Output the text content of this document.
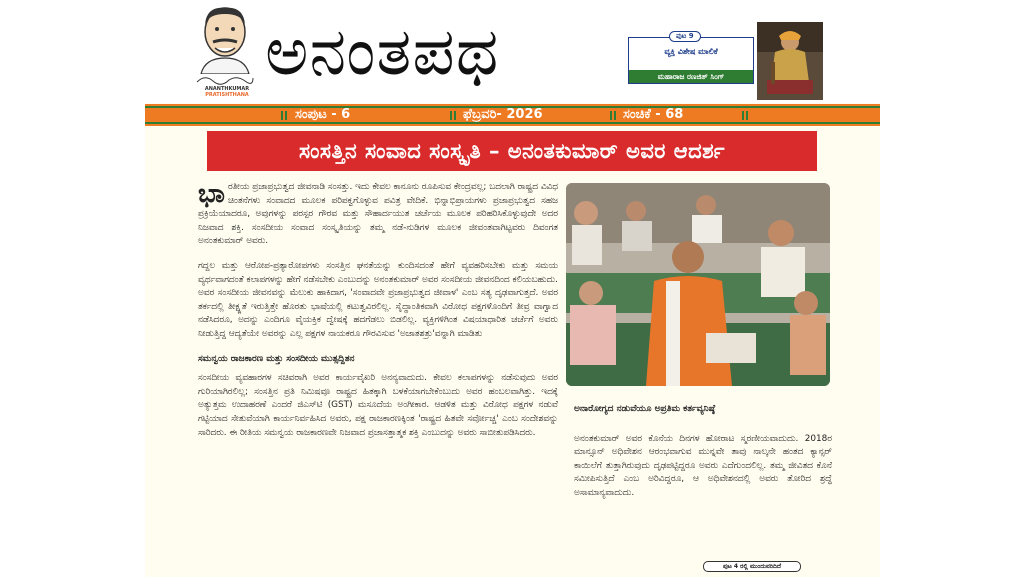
ANANTHKUMAR
PRATISHTHANA
ಅನಂತಪಥ	ಪುಟ 9
ವ್ಯಕ್ತಿ ವಿಶೇಷ ಮಾಲಿಕೆ
ಮಹಾರಾಜ ರಣಜಿತ್ ಸಿಂಗ್
ಸಂಪುಟ - 6	ಫೆಬ್ರವರಿ- 2026	ಸಂಚಿಕೆ - 68
ಸಂಸತ್ತಿನ ಸಂವಾದ ಸಂಸ್ಕೃತಿ – ಅನಂತಕುಮಾರ್ ಅವರ ಆದರ್ಶ

ಭಾರತೀಯ ಪ್ರಜಾಪ್ರಭುತ್ವದ ಜೀವನಾಡಿ ಸಂಸತ್ತು. ಇದು ಕೇವಲ ಕಾನೂನು ರೂಪಿಸುವ ಕೇಂದ್ರವಲ್ಲ; ಬದಲಾಗಿ ರಾಷ್ಟ್ರದ ವಿವಿಧ ಚಿಂತನೆಗಳು ಸಂವಾದದ ಮೂಲಕ ಪರಿಪಕ್ವಗೊಳ್ಳುವ ಪವಿತ್ರ ವೇದಿಕೆ. ಭಿನ್ನಾಭಿಪ್ರಾಯಗಳು ಪ್ರಜಾಪ್ರಭುತ್ವದ ಸಹಜ ಪ್ರಕ್ರಿಯೆಯಾದರೂ, ಅವುಗಳನ್ನು ಪರಸ್ಪರ ಗೌರವ ಮತ್ತು ಸೌಹಾರ್ದಯುತ ಚರ್ಚೆಯ ಮೂಲಕ ಪರಿಹರಿಸಿಕೊಳ್ಳುವುದೇ ಅದರ ನಿಜವಾದ ಶಕ್ತಿ. ಸಂಸದೀಯ ಸಂವಾದ ಸಂಸ್ಕೃತಿಯನ್ನು ತಮ್ಮ ನಡೆ-ನುಡಿಗಳ ಮೂಲಕ ಜೀವಂತವಾಗಿಟ್ಟವರು ದಿವಂಗತ ಅನಂತಕುಮಾರ್ ಅವರು.

ಗದ್ದಲ ಮತ್ತು ಆರೋಪ-ಪ್ರತ್ಯಾರೋಪಗಳು ಸಂಸತ್ತಿನ ಘನತೆಯನ್ನು ಕುಂದಿಸದಂತೆ ಹೇಗೆ ವ್ಯವಹರಿಸಬೇಕು ಮತ್ತು ಸಮಯ ವ್ಯರ್ಥವಾಗದಂತೆ ಕಲಾಪಗಳನ್ನು ಹೇಗೆ ನಡೆಸಬೇಕು ಎಂಬುದನ್ನು ಅನಂತಕುಮಾರ್ ಅವರ ಸಂಸದೀಯ ಜೀವನದಿಂದ ಕಲಿಯಬಹುದು. ಅವರ ಸಂಸದೀಯ ಜೀವನವನ್ನು ಮೆಲುಕು ಹಾಕಿದಾಗ, 'ಸಂವಾದವೇ ಪ್ರಜಾಪ್ರಭುತ್ವದ ಜೀವಾಳ' ಎಂಬ ಸತ್ಯ ದೃಢವಾಗುತ್ತದೆ. ಅವರ ತರ್ಕದಲ್ಲಿ ತೀಕ್ಷ್ಣತೆ ಇರುತ್ತಿತ್ತೇ ಹೊರತು ಭಾಷೆಯಲ್ಲಿ ಕಟುತ್ವವಿರಲಿಲ್ಲ. ಸೈದ್ಧಾಂತಿಕವಾಗಿ ವಿರೋಧ ಪಕ್ಷಗಳೊಂದಿಗೆ ತೀವ್ರ ವಾಗ್ವಾದ ನಡೆಸಿದರೂ, ಅದನ್ನು ಎಂದಿಗೂ ವೈಯಕ್ತಿಕ ದ್ವೇಷಕ್ಕೆ ಹದಗೆಡಲು ಬಿಡಲಿಲ್ಲ. ವ್ಯಕ್ತಿಗಳಿಗಿಂತ ವಿಷಯಾಧಾರಿತ ಚರ್ಚೆಗೆ ಅವರು ನೀಡುತ್ತಿದ್ದ ಆದ್ಯತೆಯೇ ಅವರನ್ನು ಎಲ್ಲ ಪಕ್ಷಗಳ ನಾಯಕರೂ ಗೌರವಿಸುವ 'ಅಜಾತಶತ್ರು'ವನ್ನಾಗಿ ಮಾಡಿತು

ಸಮನ್ವಯ ರಾಜಕಾರಣ ಮತ್ತು ಸಂಸದೀಯ ಮುತ್ಸದ್ದಿತನ

ಸಂಸದೀಯ ವ್ಯವಹಾರಗಳ ಸಚಿವರಾಗಿ ಅವರ ಕಾರ್ಯವೈಖರಿ ಅನನ್ಯವಾದುದು. ಕೇವಲ ಕಲಾಪಗಳನ್ನು ನಡೆಸುವುದು ಅವರ ಗುರಿಯಾಗಿರಲಿಲ್ಲ; ಸಂಸತ್ತಿನ ಪ್ರತಿ ನಿಮಿಷವೂ ರಾಷ್ಟ್ರದ ಹಿತಕ್ಕಾಗಿ ಬಳಕೆಯಾಗಬೇಕೆಂಬುದು ಅವರ ಹಂಬಲವಾಗಿತ್ತು. ಇದಕ್ಕೆ ಅತ್ಯುತ್ತಮ ಉದಾಹರಣೆ ಎಂದರೆ ಜಿಎಸ್‌ಟಿ (GST) ಮಸೂದೆಯ ಅಂಗೀಕಾರ. ಆಡಳಿತ ಮತ್ತು ವಿರೋಧ ಪಕ್ಷಗಳ ನಡುವೆ ಗಟ್ಟಿಯಾದ ಸೇತುವೆಯಾಗಿ ಕಾರ್ಯನಿರ್ವಹಿಸಿದ ಅವರು, ಪಕ್ಷ ರಾಜಕಾರಣಕ್ಕಿಂತ 'ರಾಷ್ಟ್ರದ ಹಿತವೇ ಸರ್ವೋಚ್ಚ' ಎಂಬ ಸಂದೇಶವನ್ನು ಸಾರಿದರು. ಈ ರೀತಿಯ ಸಮನ್ವಯ ರಾಜಕಾರಣವೇ ನಿಜವಾದ ಪ್ರಜಾಸತ್ತಾತ್ಮಕ ಶಕ್ತಿ ಎಂಬುದನ್ನು ಅವರು ಸಾಬೀತುಪಡಿಸಿದರು.

ಅನಾರೋಗ್ಯದ ನಡುವೆಯೂ ಅಪ್ರತಿಮ ಕರ್ತವ್ಯನಿಷ್ಠೆ

ಅನಂತಕುಮಾರ್ ಅವರ ಕೊನೆಯ ದಿನಗಳ ಹೋರಾಟ ಸ್ಮರಣೀಯವಾದುದು. 2018ರ ಮಾನ್ಸೂನ್ ಅಧಿವೇಶನ ಆರಂಭವಾಗುವ ಮುನ್ನವೇ ತಾವು ನಾಲ್ಕನೇ ಹಂತದ ಕ್ಯಾನ್ಸರ್ ಕಾಯಿಲೆಗೆ ತುತ್ತಾಗಿರುವುದು ದೃಢಪಟ್ಟಿದ್ದರೂ ಅವರು ಎದೆಗುಂದಲಿಲ್ಲ. ತಮ್ಮ ಜೀವಿತದ ಕೊನೆ ಸಮೀಪಿಸುತ್ತಿದೆ ಎಂಬ ಅರಿವಿದ್ದರೂ, ಆ ಅಧಿವೇಶನದಲ್ಲಿ ಅವರು ತೋರಿದ ಶ್ರದ್ಧೆ ಅಸಾಮಾನ್ಯವಾದುದು.

ಪುಟ 4 ರಲ್ಲಿ ಮುಂದುವರಿದಿದೆ
